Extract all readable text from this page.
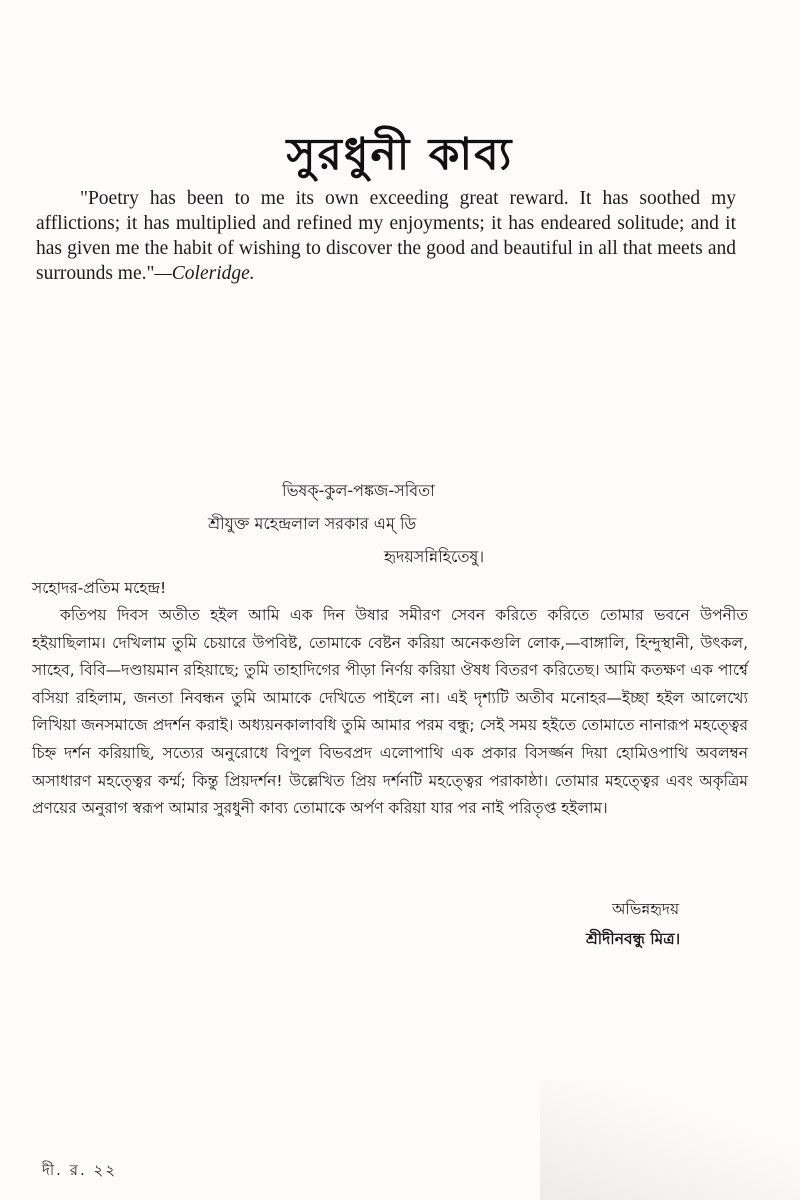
সুরধুনী কাব্য

"Poetry has been to me its own exceeding great reward. It has soothed my afflictions; it has multiplied and refined my enjoyments; it has endeared solitude; and it has given me the habit of wishing to discover the good and beautiful in all that meets and surrounds me."—Coleridge.

ভিষক্-কুল-পঙ্কজ-সবিতা
শ্রীযুক্ত মহেন্দ্রলাল সরকার এম্ ডি
হৃদয়সন্নিহিতেষু।
সহোদর-প্রতিম মহেন্দ্র!

কতিপয় দিবস অতীত হইল আমি এক দিন উষার সমীরণ সেবন করিতে করিতে তোমার ভবনে উপনীত হইয়াছিলাম। দেখিলাম তুমি চেয়ারে উপবিষ্ট, তোমাকে বেষ্টন করিয়া অনেকগুলি লোক,—বাঙ্গালি, হিন্দুস্থানী, উৎকল, সাহেব, বিবি—দণ্ডায়মান রহিয়াছে; তুমি তাহাদিগের পীড়া নির্ণয় করিয়া ঔষধ বিতরণ করিতেছ। আমি কতক্ষণ এক পার্শ্বে বসিয়া রহিলাম, জনতা নিবন্ধন তুমি আমাকে দেখিতে পাইলে না। এই দৃশ্যটি অতীব মনোহর—ইচ্ছা হইল আলেখ্যে লিখিয়া জনসমাজে প্রদর্শন করাই। অধ্যয়নকালাবধি তুমি আমার পরম বন্ধু; সেই সময় হইতে তোমাতে নানারূপ মহত্ত্বের চিহ্ন দর্শন করিয়াছি, সত্যের অনুরোধে বিপুল বিভবপ্রদ এলোপাথি এক প্রকার বিসর্জ্জন দিয়া হোমিওপাথি অবলম্বন অসাধারণ মহত্ত্বের কর্ম্ম; কিন্তু প্রিয়দর্শন! উল্লেখিত প্রিয় দর্শনটি মহত্ত্বের পরাকাষ্ঠা। তোমার মহত্ত্বের এবং অকৃত্রিম প্রণয়ের অনুরাগ স্বরূপ আমার সুরধুনী কাব্য তোমাকে অর্পণ করিয়া যার পর নাই পরিতৃপ্ত হইলাম।

অভিন্নহৃদয়
শ্রীদীনবন্ধু মিত্র।
দী. র. ২২
